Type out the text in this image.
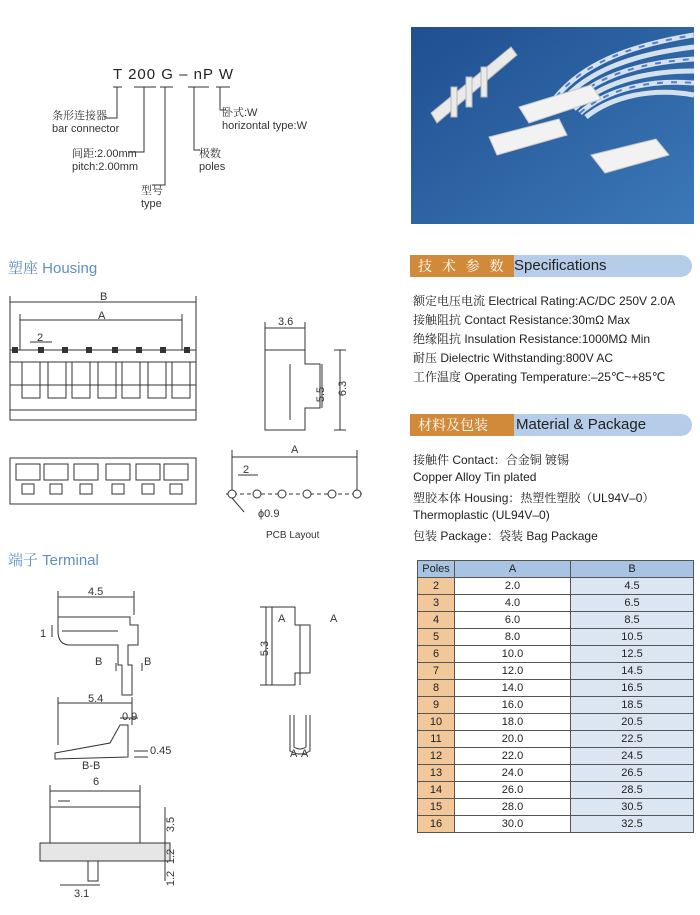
T 200 G – nP W
条形连接器
bar connector
间距:2.00mm
pitch:2.00mm
型号
type
极数
poles
卧式:W
horizontal type:W
塑座 Housing
端子 Terminal
B
A
2
3.6
5.5 6.3
A
2
ϕ0.9
PCB Layout
4.5
1
B	B
5.4
0.9
0.45
B-B
A	A
5.3
A-A
6
3.5
1.2
1.2
3.1
技 术 参 数 Specifications
额定电压电流 Electrical Rating:AC/DC 250V 2.0A
接触阻抗 Contact Resistance:30mΩ Max
绝缘阻抗 Insulation Resistance:1000MΩ Min
耐压 Dielectric Withstanding:800V AC
工作温度 Operating Temperature:–25℃~+85℃
材料及包装	Material & Package
接触件 Contact：合金铜 镀锡
Copper Alloy Tin plated
塑胶本体 Housing：热塑性塑胶（UL94V–0）
Thermoplastic (UL94V–0)
包装 Package：袋装 Bag Package
Poles	A	B
2	2.0	4.5
3	4.0	6.5
4	6.0	8.5
5	8.0	10.5
6	10.0	12.5
7	12.0	14.5
8	14.0	16.5
9	16.0	18.5
10	18.0	20.5
11	20.0	22.5
12	22.0	24.5
13	24.0	26.5
14	26.0	28.5
15	28.0	30.5
16	30.0	32.5
